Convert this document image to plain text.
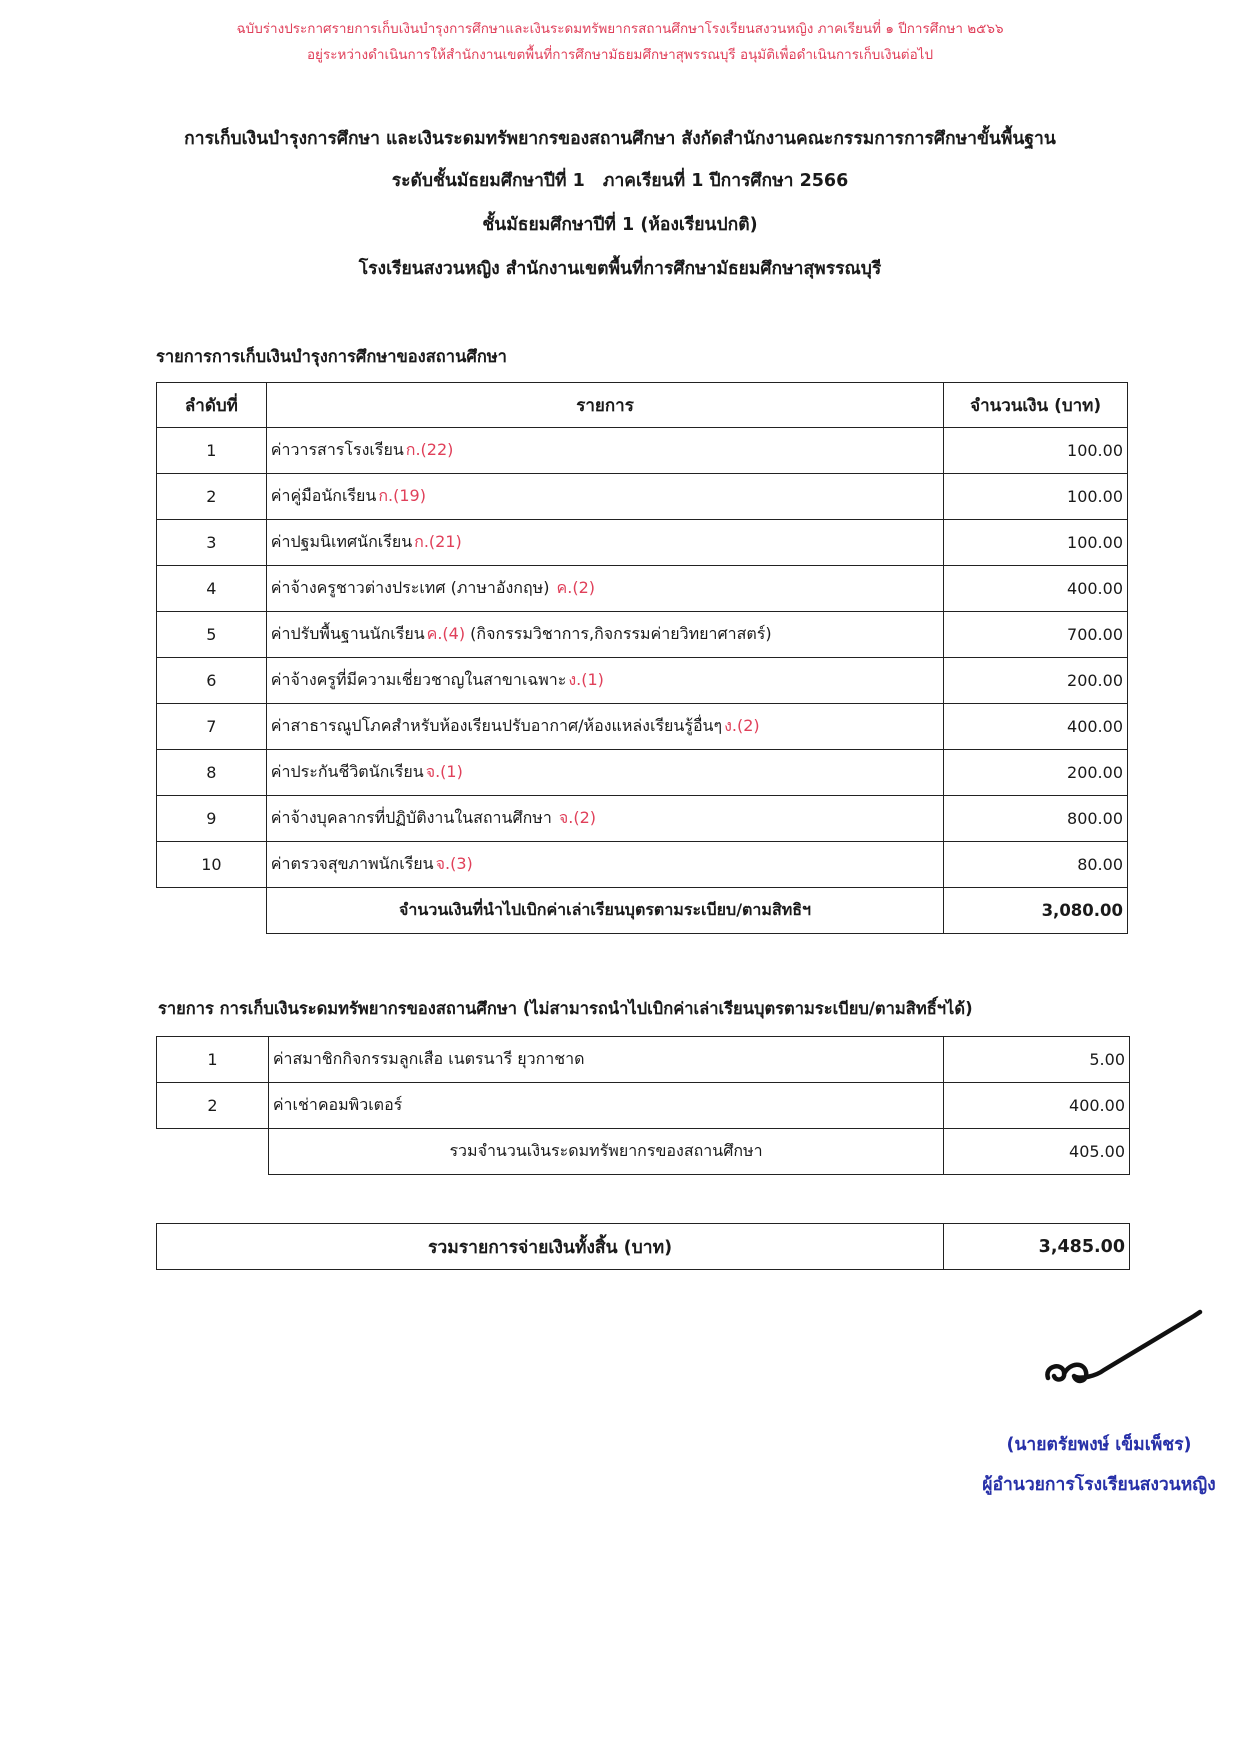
ฉบับร่างประกาศรายการเก็บเงินบำรุงการศึกษาและเงินระดมทรัพยากรสถานศึกษาโรงเรียนสงวนหญิง ภาคเรียนที่ ๑ ปีการศึกษา ๒๕๖๖
อยู่ระหว่างดำเนินการให้สำนักงานเขตพื้นที่การศึกษามัธยมศึกษาสุพรรณบุรี อนุมัติเพื่อดำเนินการเก็บเงินต่อไป
การเก็บเงินบำรุงการศึกษา และเงินระดมทรัพยากรของสถานศึกษา สังกัดสำนักงานคณะกรรมการการศึกษาขั้นพื้นฐาน
ระดับชั้นมัธยมศึกษาปีที่ 1 ภาคเรียนที่ 1 ปีการศึกษา 2566
ชั้นมัธยมศึกษาปีที่ 1 (ห้องเรียนปกติ)
โรงเรียนสงวนหญิง สำนักงานเขตพื้นที่การศึกษามัธยมศึกษาสุพรรณบุรี
รายการการเก็บเงินบำรุงการศึกษาของสถานศึกษา
ลำดับที่	รายการ	จำนวนเงิน (บาท)
1	ค่าวารสารโรงเรียน ก.(22)	100.00
2	ค่าคู่มือนักเรียน ก.(19)	100.00
3	ค่าปฐมนิเทศนักเรียน ก.(21)	100.00
4	ค่าจ้างครูชาวต่างประเทศ (ภาษาอังกฤษ) ค.(2)	400.00
5	ค่าปรับพื้นฐานนักเรียน ค.(4) (กิจกรรมวิชาการ,กิจกรรมค่ายวิทยาศาสตร์)	700.00
6	ค่าจ้างครูที่มีความเชี่ยวชาญในสาขาเฉพาะ ง.(1)	200.00
7	ค่าสาธารณูปโภคสำหรับห้องเรียนปรับอากาศ/ห้องแหล่งเรียนรู้อื่นๆ ง.(2)	400.00
8	ค่าประกันชีวิตนักเรียน จ.(1)	200.00
9	ค่าจ้างบุคลากรที่ปฏิบัติงานในสถานศึกษา จ.(2)	800.00
10	ค่าตรวจสุขภาพนักเรียน จ.(3)	80.00
	จำนวนเงินที่นำไปเบิกค่าเล่าเรียนบุตรตามระเบียบ/ตามสิทธิฯ	3,080.00
รายการ การเก็บเงินระดมทรัพยากรของสถานศึกษา (ไม่สามารถนำไปเบิกค่าเล่าเรียนบุตรตามระเบียบ/ตามสิทธิ์ฯได้)
1	ค่าสมาชิกกิจกรรมลูกเสือ เนตรนารี ยุวกาชาด	5.00
2	ค่าเช่าคอมพิวเตอร์	400.00
	รวมจำนวนเงินระดมทรัพยากรของสถานศึกษา	405.00
รวมรายการจ่ายเงินทั้งสิ้น (บาท)	3,485.00
(นายตรัยพงษ์ เข็มเพ็ชร)
ผู้อำนวยการโรงเรียนสงวนหญิง
